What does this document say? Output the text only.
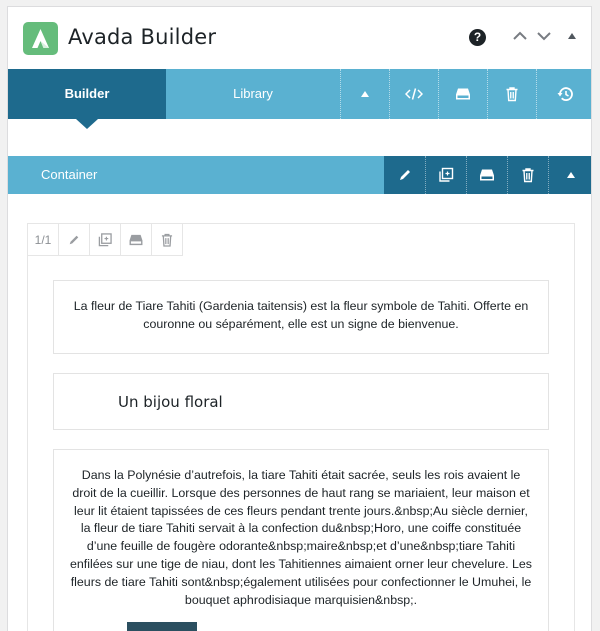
Avada Builder	?
Builder	Library
Container
1/1

La fleur de Tiare Tahiti (Gardenia taitensis) est la fleur symbole de Tahiti. Offerte en couronne ou séparément, elle est un signe de bienvenue.

Un bijou floral

Dans la Polynésie d’autrefois, la tiare Tahiti était sacrée, seuls les rois avaient le droit de la cueillir. Lorsque des personnes de haut rang se mariaient, leur maison et leur lit étaient tapissées de ces fleurs pendant trente jours.&nbsp;Au siècle dernier, la fleur de tiare Tahiti servait à la confection du&nbsp;Horo, une coiffe constituée d’une feuille de fougère odorante&nbsp;maire&nbsp;et d’une&nbsp;tiare Tahiti enfilées sur une tige de niau, dont les Tahitiennes aimaient orner leur chevelure. Les fleurs de tiare Tahiti sont&nbsp;également utilisées pour confectionner le Umuhei, le bouquet aphrodisiaque marquisien&nbsp;.
